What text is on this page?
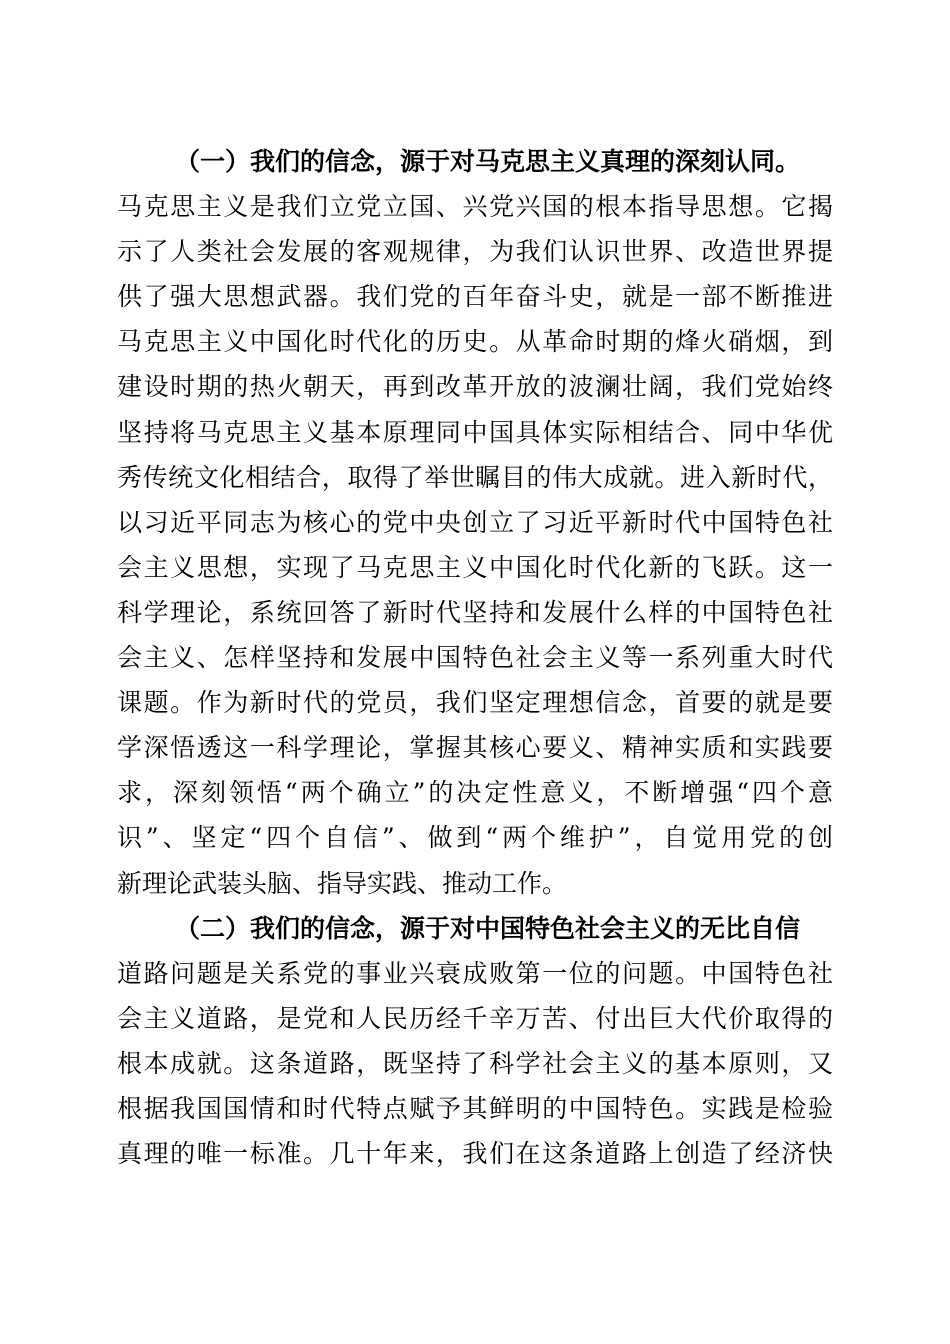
（一）我们的信念，源于对马克思主义真理的深刻认同。
马克思主义是我们立党立国、兴党兴国的根本指导思想。它揭
示了人类社会发展的客观规律，为我们认识世界、改造世界提
供了强大思想武器。我们党的百年奋斗史，就是一部不断推进
马克思主义中国化时代化的历史。从革命时期的烽火硝烟，到
建设时期的热火朝天，再到改革开放的波澜壮阔，我们党始终
坚持将马克思主义基本原理同中国具体实际相结合、同中华优
秀传统文化相结合，取得了举世瞩目的伟大成就。进入新时代，
以习近平同志为核心的党中央创立了习近平新时代中国特色社
会主义思想，实现了马克思主义中国化时代化新的飞跃。这一
科学理论，系统回答了新时代坚持和发展什么样的中国特色社
会主义、怎样坚持和发展中国特色社会主义等一系列重大时代
课题。作为新时代的党员，我们坚定理想信念，首要的就是要
学深悟透这一科学理论，掌握其核心要义、精神实质和实践要
求，深刻领悟“两个确立”的决定性意义，不断增强“四个意
识”、坚定“四个自信”、做到“两个维护”，自觉用党的创
新理论武装头脑、指导实践、推动工作。
（二）我们的信念，源于对中国特色社会主义的无比自信
道路问题是关系党的事业兴衰成败第一位的问题。中国特色社
会主义道路，是党和人民历经千辛万苦、付出巨大代价取得的
根本成就。这条道路，既坚持了科学社会主义的基本原则，又
根据我国国情和时代特点赋予其鲜明的中国特色。实践是检验
真理的唯一标准。几十年来，我们在这条道路上创造了经济快
